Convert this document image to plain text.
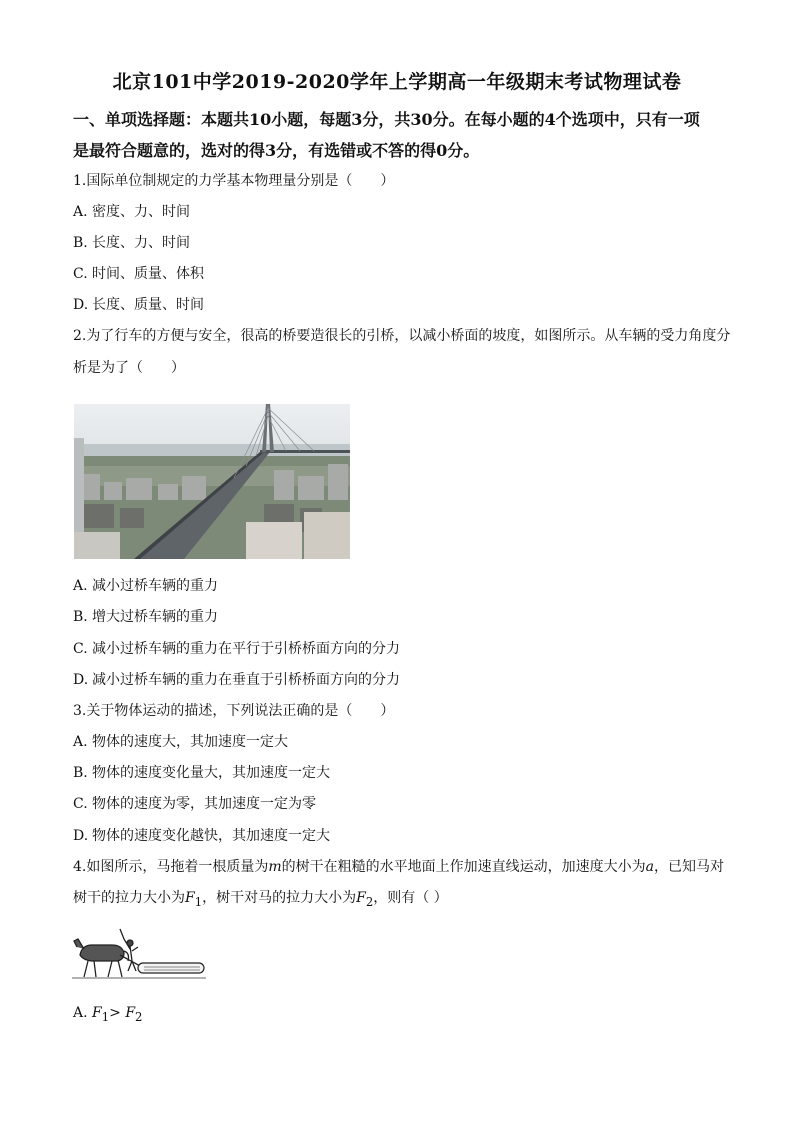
北京101中学2019-2020学年上学期高一年级期末考试物理试卷
一、单项选择题：本题共10小题，每题3分，共30分。在每小题的4个选项中，只有一项
是最符合题意的，选对的得3分，有选错或不答的得0分。
1.国际单位制规定的力学基本物理量分别是（　　）
A. 密度、力、时间
B. 长度、力、时间
C. 时间、质量、体积
D. 长度、质量、时间
2.为了行车的方便与安全，很高的桥要造很长的引桥，以减小桥面的坡度，如图所示。从车辆的受力角度分
析是为了（　　）
A. 减小过桥车辆的重力
B. 增大过桥车辆的重力
C. 减小过桥车辆的重力在平行于引桥桥面方向的分力
D. 减小过桥车辆的重力在垂直于引桥桥面方向的分力
3.关于物体运动的描述，下列说法正确的是（　　）
A. 物体的速度大，其加速度一定大
B. 物体的速度变化量大，其加速度一定大
C. 物体的速度为零，其加速度一定为零
D. 物体的速度变化越快，其加速度一定大
4.如图所示，马拖着一根质量为m的树干在粗糙的水平地面上作加速直线运动，加速度大小为a，已知马对
树干的拉力大小为$F_1$，树干对马的拉力大小为$F_2$，则有（ ）
A. $F_1> F_2$
